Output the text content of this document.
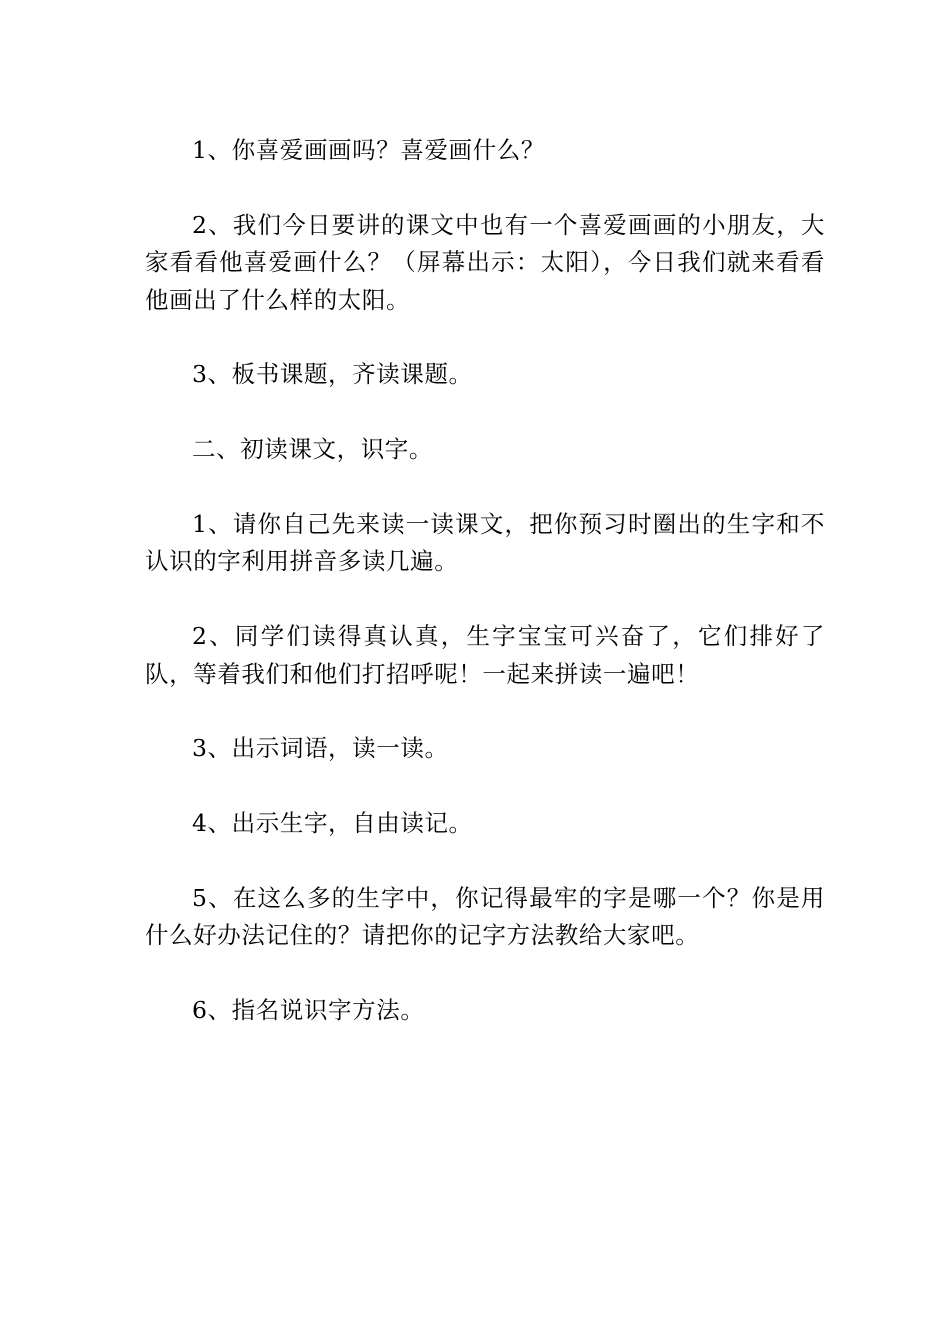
1、你喜爱画画吗？喜爱画什么？

2、我们今日要讲的课文中也有一个喜爱画画的小朋友，大家看看他喜爱画什么？（屏幕出示：太阳），今日我们就来看看他画出了什么样的太阳。

3、板书课题，齐读课题。

二、初读课文，识字。

1、请你自己先来读一读课文，把你预习时圈出的生字和不认识的字利用拼音多读几遍。

2、同学们读得真认真，生字宝宝可兴奋了，它们排好了队，等着我们和他们打招呼呢！一起来拼读一遍吧！

3、出示词语，读一读。

4、出示生字，自由读记。

5、在这么多的生字中，你记得最牢的字是哪一个？你是用什么好办法记住的？请把你的记字方法教给大家吧。

6、指名说识字方法。
